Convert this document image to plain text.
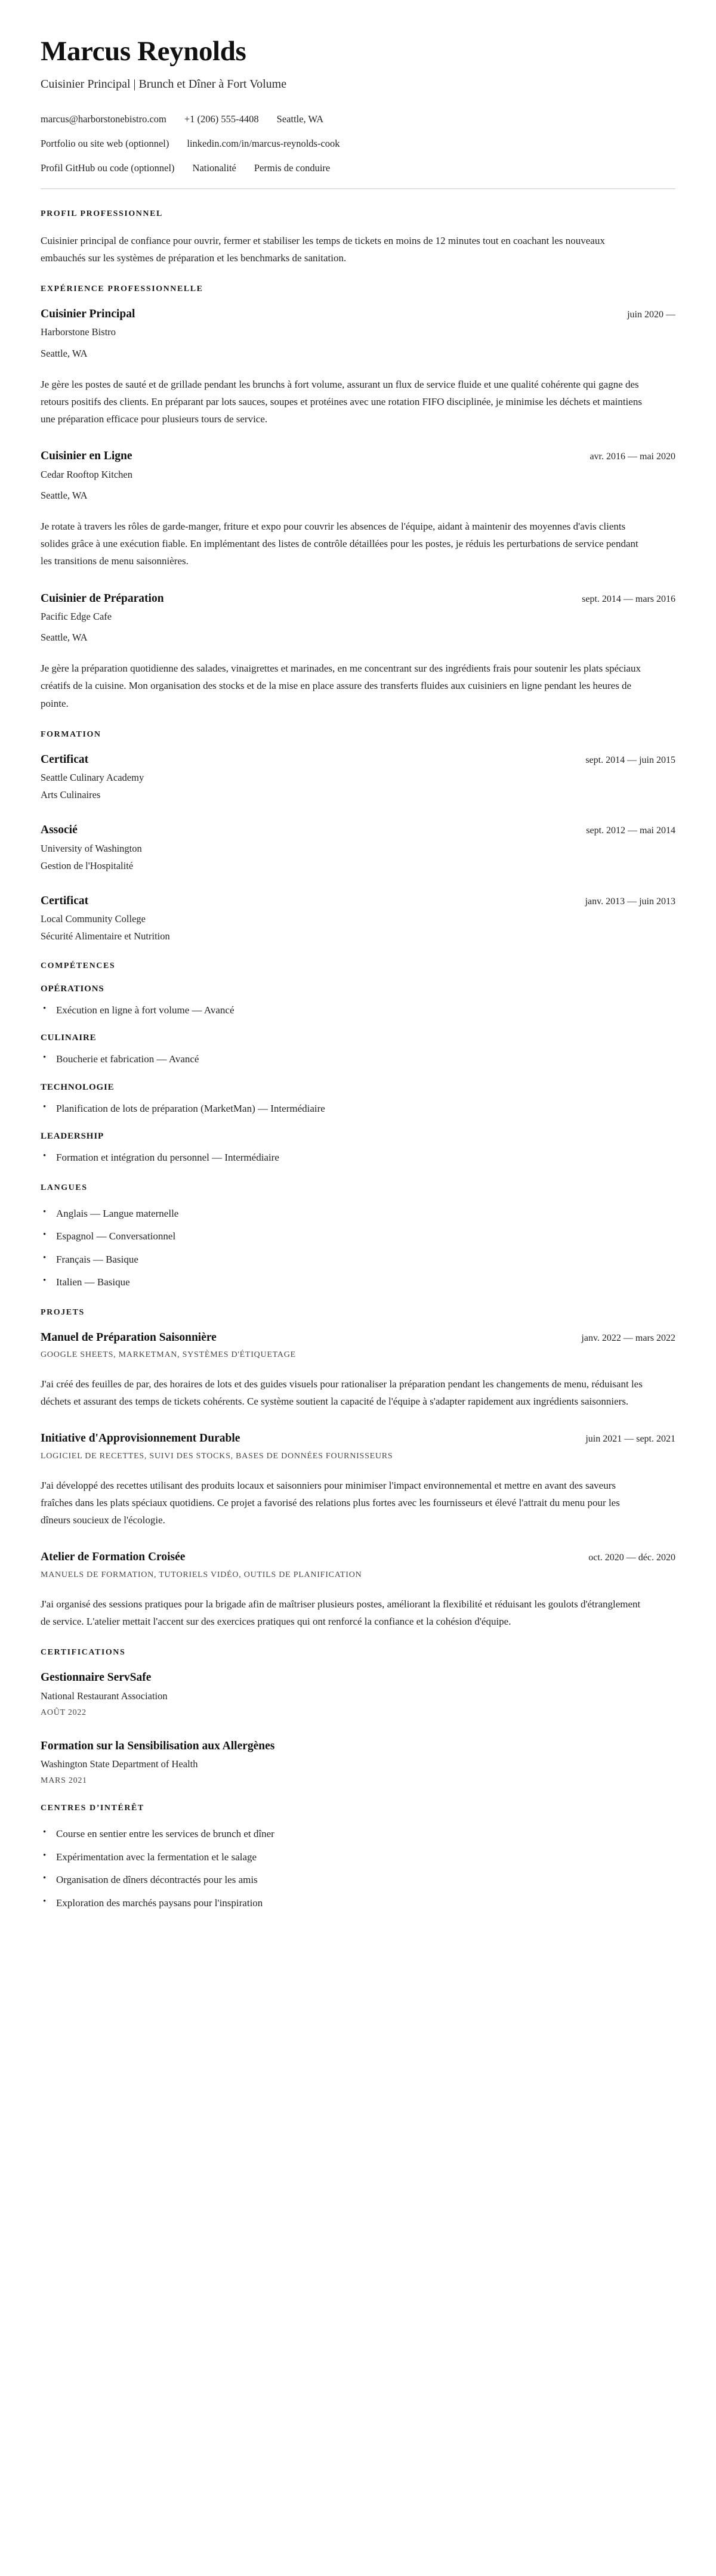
Marcus Reynolds

Cuisinier Principal | Brunch et Dîner à Fort Volume

marcus@harborstonebistro.com +1 (206) 555-4408 Seattle, WA
Portfolio ou site web (optionnel) linkedin.com/in/marcus-reynolds-cook
Profil GitHub ou code (optionnel) Nationalité Permis de conduire
PROFIL PROFESSIONNEL

Cuisinier principal de confiance pour ouvrir, fermer et stabiliser les temps de tickets en moins de 12 minutes tout en coachant les nouveaux embauchés sur les systèmes de préparation et les benchmarks de sanitation.

EXPÉRIENCE PROFESSIONNELLE
Cuisinier Principal	juin 2020 —

Harborstone Bistro

Seattle, WA

Je gère les postes de sauté et de grillade pendant les brunchs à fort volume, assurant un flux de service fluide et une qualité cohérente qui gagne des retours positifs des clients. En préparant par lots sauces, soupes et protéines avec une rotation FIFO disciplinée, je minimise les déchets et maintiens une préparation efficace pour plusieurs tours de service.

Cuisinier en Ligne	avr. 2016 — mai 2020

Cedar Rooftop Kitchen

Seattle, WA

Je rotate à travers les rôles de garde-manger, friture et expo pour couvrir les absences de l'équipe, aidant à maintenir des moyennes d'avis clients solides grâce à une exécution fiable. En implémentant des listes de contrôle détaillées pour les postes, je réduis les perturbations de service pendant les transitions de menu saisonnières.

Cuisinier de Préparation	sept. 2014 — mars 2016

Pacific Edge Cafe

Seattle, WA

Je gère la préparation quotidienne des salades, vinaigrettes et marinades, en me concentrant sur des ingrédients frais pour soutenir les plats spéciaux créatifs de la cuisine. Mon organisation des stocks et de la mise en place assure des transferts fluides aux cuisiniers en ligne pendant les heures de pointe.

FORMATION
Certificat	sept. 2014 — juin 2015

Seattle Culinary Academy

Arts Culinaires

Associé	sept. 2012 — mai 2014

University of Washington

Gestion de l'Hospitalité

Certificat	janv. 2013 — juin 2013

Local Community College

Sécurité Alimentaire et Nutrition

COMPÉTENCES
OPÉRATIONS
• Exécution en ligne à fort volume — Avancé
CULINAIRE
• Boucherie et fabrication — Avancé
TECHNOLOGIE
• Planification de lots de préparation (MarketMan) — Intermédiaire
LEADERSHIP
• Formation et intégration du personnel — Intermédiaire
LANGUES
• Anglais — Langue maternelle
• Espagnol — Conversationnel
• Français — Basique
• Italien — Basique
PROJETS
Manuel de Préparation Saisonnière	janv. 2022 — mars 2022

GOOGLE SHEETS, MARKETMAN, SYSTÈMES D'ÉTIQUETAGE

J'ai créé des feuilles de par, des horaires de lots et des guides visuels pour rationaliser la préparation pendant les changements de menu, réduisant les déchets et assurant des temps de tickets cohérents. Ce système soutient la capacité de l'équipe à s'adapter rapidement aux ingrédients saisonniers.

Initiative d'Approvisionnement Durable	juin 2021 — sept. 2021

LOGICIEL DE RECETTES, SUIVI DES STOCKS, BASES DE DONNÉES FOURNISSEURS

J'ai développé des recettes utilisant des produits locaux et saisonniers pour minimiser l'impact environnemental et mettre en avant des saveurs fraîches dans les plats spéciaux quotidiens. Ce projet a favorisé des relations plus fortes avec les fournisseurs et élevé l'attrait du menu pour les dîneurs soucieux de l'écologie.

Atelier de Formation Croisée	oct. 2020 — déc. 2020

MANUELS DE FORMATION, TUTORIELS VIDÉO, OUTILS DE PLANIFICATION

J'ai organisé des sessions pratiques pour la brigade afin de maîtriser plusieurs postes, améliorant la flexibilité et réduisant les goulots d'étranglement de service. L'atelier mettait l'accent sur des exercices pratiques qui ont renforcé la confiance et la cohésion d'équipe.

CERTIFICATIONS
Gestionnaire ServSafe

National Restaurant Association

AOÛT 2022

Formation sur la Sensibilisation aux Allergènes

Washington State Department of Health

MARS 2021

CENTRES D’INTÉRÊT
• Course en sentier entre les services de brunch et dîner
• Expérimentation avec la fermentation et le salage
• Organisation de dîners décontractés pour les amis
• Exploration des marchés paysans pour l'inspiration
